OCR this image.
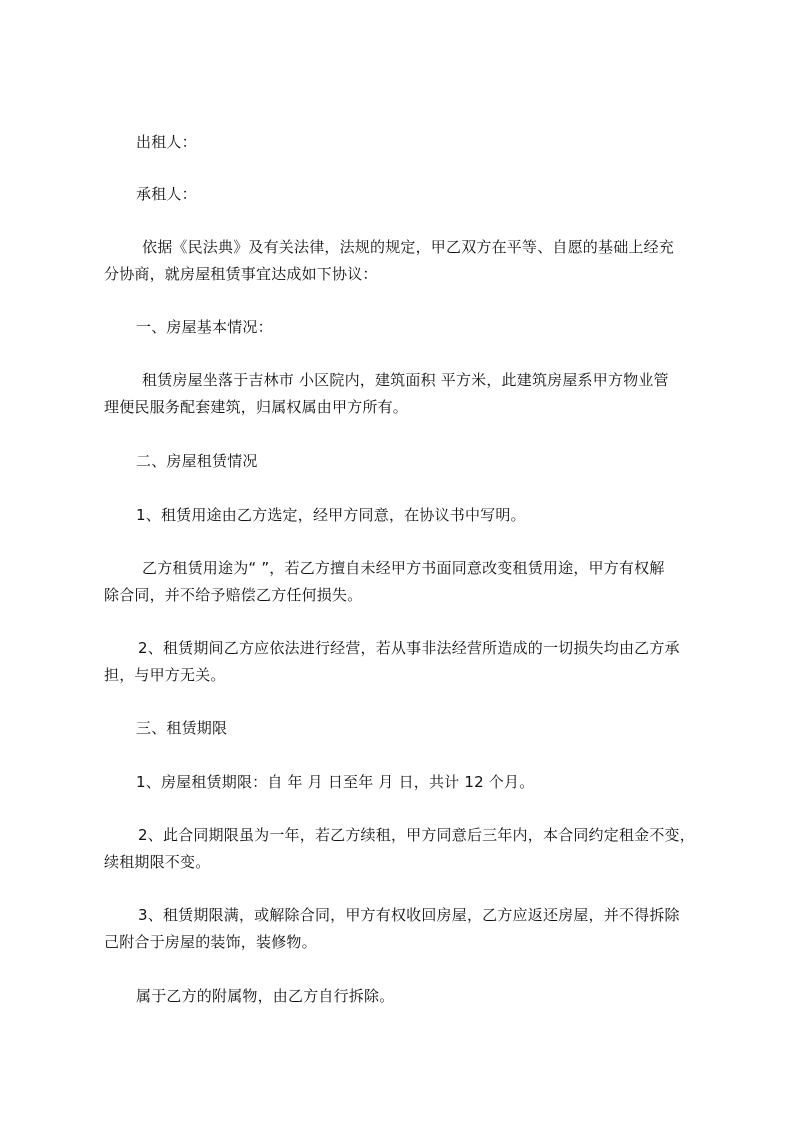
出租人：
承租人：
依据《民法典》及有关法律，法规的规定，甲乙双方在平等、自愿的基础上经充
分协商，就房屋租赁事宜达成如下协议：
一、房屋基本情况：
租赁房屋坐落于吉林市 小区院内，建筑面积 平方米，此建筑房屋系甲方物业管
理便民服务配套建筑，归属权属由甲方所有。
二、房屋租赁情况
1、租赁用途由乙方选定，经甲方同意，在协议书中写明。
乙方租赁用途为“ ”，若乙方擅自未经甲方书面同意改变租赁用途，甲方有权解
除合同，并不给予赔偿乙方任何损失。
2、租赁期间乙方应依法进行经营，若从事非法经营所造成的一切损失均由乙方承
担，与甲方无关。
三、租赁期限
1、房屋租赁期限：自 年 月 日至年 月 日，共计 12 个月。
2、此合同期限虽为一年，若乙方续租，甲方同意后三年内，本合同约定租金不变，
续租期限不变。
3、租赁期限满，或解除合同，甲方有权收回房屋，乙方应返还房屋，并不得拆除
己附合于房屋的装饰，装修物。
属于乙方的附属物，由乙方自行拆除。
